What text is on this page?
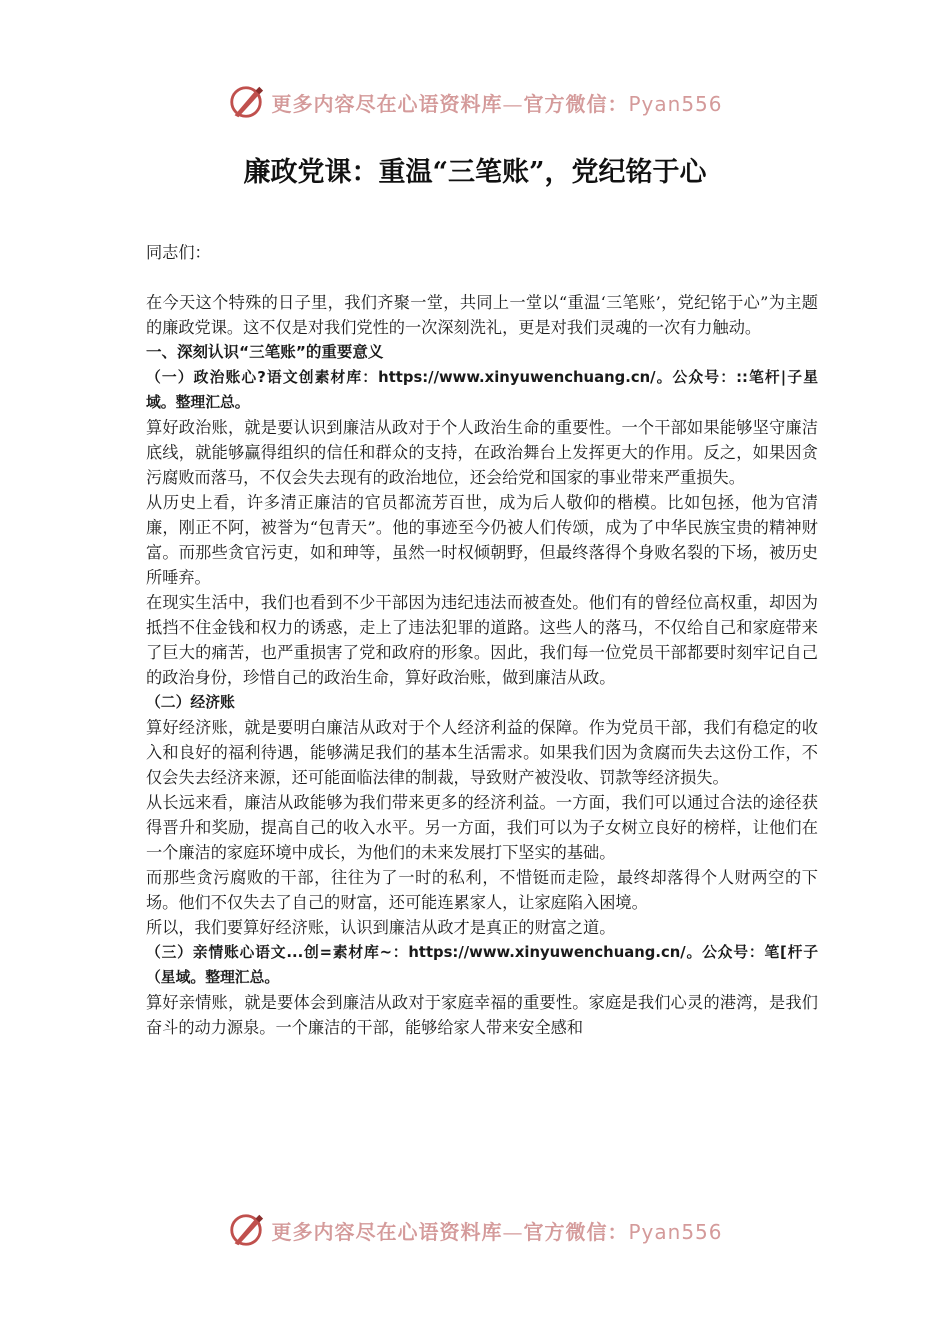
更多内容尽在心语资料库—官方微信：Pyan556
廉政党课：重温“三笔账”，党纪铭于心

同志们：

在今天这个特殊的日子里，我们齐聚一堂，共同上一堂以“重温‘三笔账’，党纪铭于心”为主题的廉政党课。这不仅是对我们党性的一次深刻洗礼，更是对我们灵魂的一次有力触动。

一、深刻认识“三笔账”的重要意义

（一）政治账心?语文创素材库：https://www.xinyuwenchuang.cn/。公众号：::笔杆|子星域。整理汇总。

算好政治账，就是要认识到廉洁从政对于个人政治生命的重要性。一个干部如果能够坚守廉洁底线，就能够赢得组织的信任和群众的支持，在政治舞台上发挥更大的作用。反之，如果因贪污腐败而落马，不仅会失去现有的政治地位，还会给党和国家的事业带来严重损失。

从历史上看，许多清正廉洁的官员都流芳百世，成为后人敬仰的楷模。比如包拯，他为官清廉，刚正不阿，被誉为“包青天”。他的事迹至今仍被人们传颂，成为了中华民族宝贵的精神财富。而那些贪官污吏，如和珅等，虽然一时权倾朝野，但最终落得个身败名裂的下场，被历史所唾弃。

在现实生活中，我们也看到不少干部因为违纪违法而被查处。他们有的曾经位高权重，却因为抵挡不住金钱和权力的诱惑，走上了违法犯罪的道路。这些人的落马，不仅给自己和家庭带来了巨大的痛苦，也严重损害了党和政府的形象。因此，我们每一位党员干部都要时刻牢记自己的政治身份，珍惜自己的政治生命，算好政治账，做到廉洁从政。

（二）经济账

算好经济账，就是要明白廉洁从政对于个人经济利益的保障。作为党员干部，我们有稳定的收入和良好的福利待遇，能够满足我们的基本生活需求。如果我们因为贪腐而失去这份工作，不仅会失去经济来源，还可能面临法律的制裁，导致财产被没收、罚款等经济损失。

从长远来看，廉洁从政能够为我们带来更多的经济利益。一方面，我们可以通过合法的途径获得晋升和奖励，提高自己的收入水平。另一方面，我们可以为子女树立良好的榜样，让他们在一个廉洁的家庭环境中成长，为他们的未来发展打下坚实的基础。

而那些贪污腐败的干部，往往为了一时的私利，不惜铤而走险，最终却落得个人财两空的下场。他们不仅失去了自己的财富，还可能连累家人，让家庭陷入困境。

所以，我们要算好经济账，认识到廉洁从政才是真正的财富之道。

（三）亲情账心语文...创=素材库~：https://www.xinyuwenchuang.cn/。公众号：笔[杆子（星域。整理汇总。

算好亲情账，就是要体会到廉洁从政对于家庭幸福的重要性。家庭是我们心灵的港湾，是我们奋斗的动力源泉。一个廉洁的干部，能够给家人带来安全感和

更多内容尽在心语资料库—官方微信：Pyan556
